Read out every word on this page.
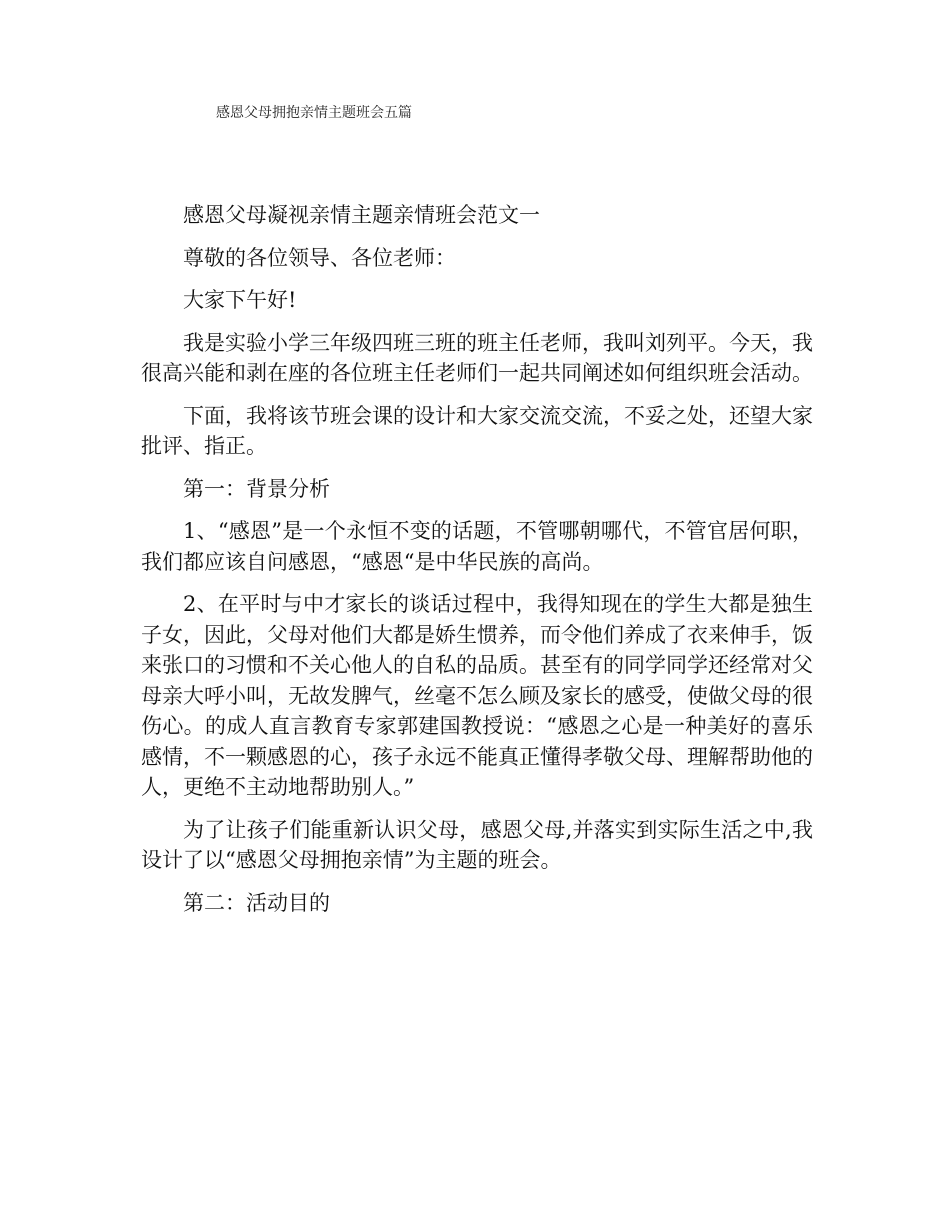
感恩父母拥抱亲情主题班会五篇

感恩父母凝视亲情主题亲情班会范文一

尊敬的各位领导、各位老师：

大家下午好!

我是实验小学三年级四班三班的班主任老师，我叫刘列平。今天，我很高兴能和剥在座的各位班主任老师们一起共同阐述如何组织班会活动。

下面，我将该节班会课的设计和大家交流交流，不妥之处，还望大家批评、指正。

第一：背景分析

1、“感恩”是一个永恒不变的话题，不管哪朝哪代，不管官居何职，我们都应该自问感恩，“感恩“是中华民族的高尚。

2、在平时与中才家长的谈话过程中，我得知现在的学生大都是独生子女，因此，父母对他们大都是娇生惯养，而令他们养成了衣来伸手，饭来张口的习惯和不关心他人的自私的品质。甚至有的同学同学还经常对父母亲大呼小叫，无故发脾气，丝毫不怎么顾及家长的感受，使做父母的很伤心。的成人直言教育专家郭建国教授说：“感恩之心是一种美好的喜乐感情，不一颗感恩的心，孩子永远不能真正懂得孝敬父母、理解帮助他的人，更绝不主动地帮助别人。”

为了让孩子们能重新认识父母，感恩父母,并落实到实际生活之中,我设计了以“感恩父母拥抱亲情”为主题的班会。

第二：活动目的
